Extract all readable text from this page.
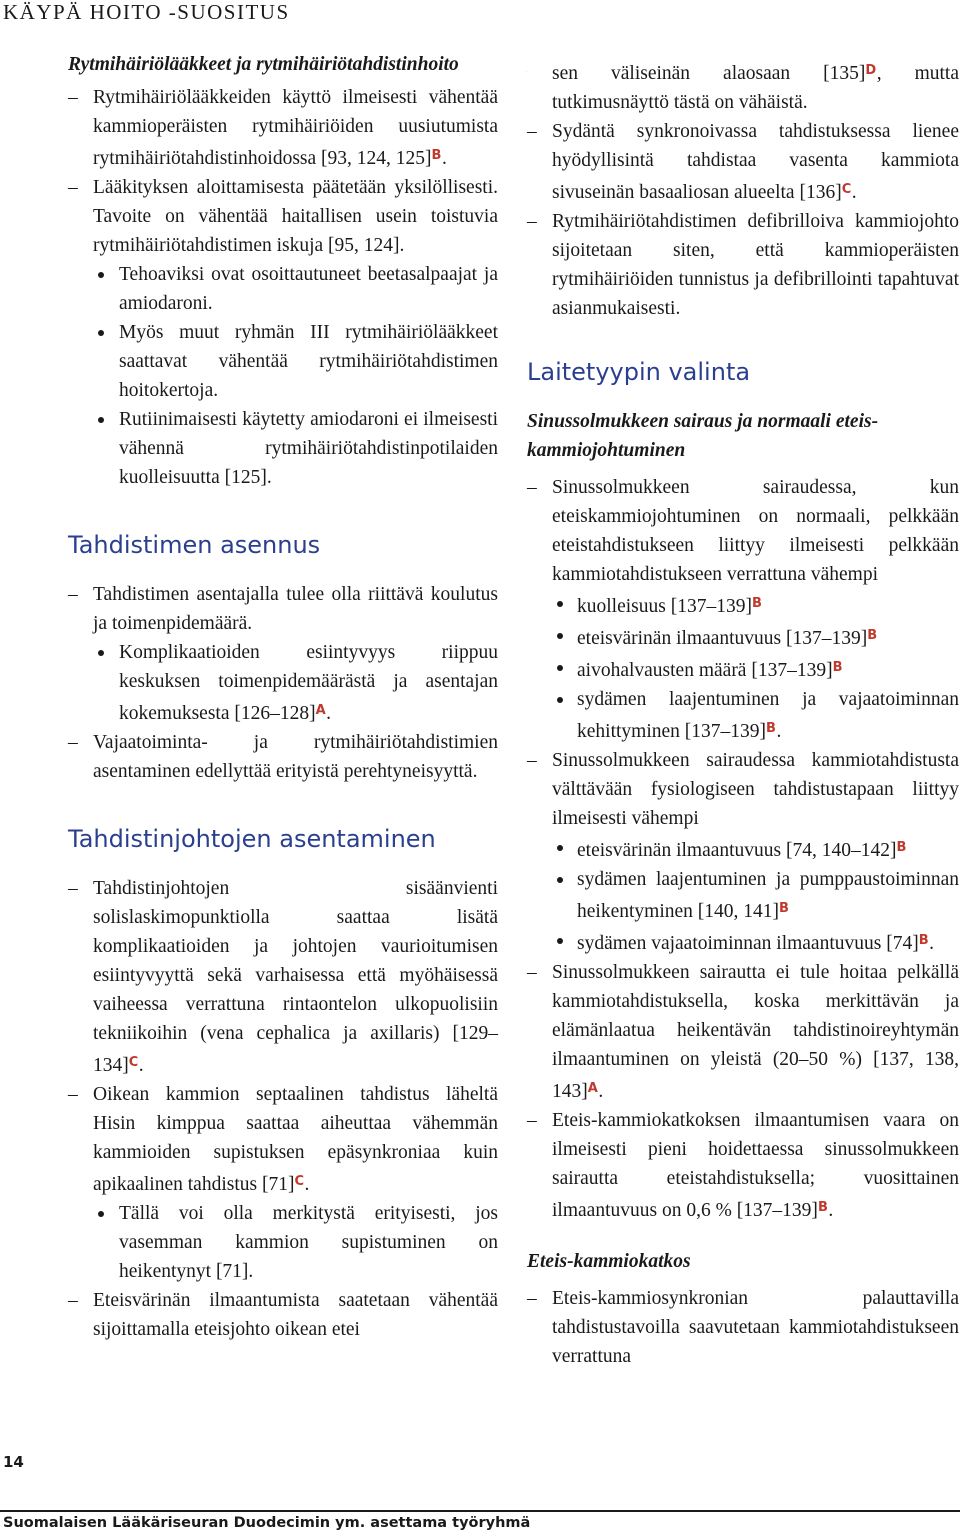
KÄYPÄ HOITO -SUOSITUS

Rytmihäiriölääkkeet ja rytmihäiriötahdistinhoito

– Rytmihäiriölääkkeiden käyttö ilmeisesti vähentää kammioperäisten rytmihäiriöiden uusiutumista rytmihäiriötahdistinhoidossa [93, 124, 125]$^B$.
– Lääkityksen aloittamisesta päätetään yksilöllisesti. Tavoite on vähentää haitallisen usein toistuvia rytmihäiriötahdistimen iskuja [95, 124].
Tehoaviksi ovat osoittautuneet beetasalpaajat ja amiodaroni.
Myös muut ryhmän III rytmihäiriölääkkeet saattavat vähentää rytmihäiriötahdistimen hoitokertoja.
Rutiinimaisesti käytetty amiodaroni ei ilmeisesti vähennä rytmihäiriötahdistinpotilaiden kuolleisuutta [125].
Tahdistimen asennus
– Tahdistimen asentajalla tulee olla riittävä koulutus ja toimenpidemäärä.
Komplikaatioiden esiintyvyys riippuu keskuksen toimenpidemäärästä ja asentajan kokemuksesta [126–128]$^A$.
– Vajaatoiminta- ja rytmihäiriötahdistimien asentaminen edellyttää erityistä perehtyneisyyttä.
Tahdistinjohtojen asentaminen
– Tahdistinjohtojen sisäänvienti solislaskimopunktiolla saattaa lisätä komplikaatioiden ja johtojen vaurioitumisen esiintyvyyttä sekä varhaisessa että myöhäisessä vaiheessa verrattuna rintaontelon ulkopuolisiin tekniikoihin (vena cephalica ja axillaris) [129–134]$^C$.
– Oikean kammion septaalinen tahdistus läheltä Hisin kimppua saattaa aiheuttaa vähemmän kammioiden supistuksen epäsynkroniaa kuin apikaalinen tahdistus [71]$^C$.
Tällä voi olla merkitystä erityisesti, jos vasemman kammion supistuminen on heikentynyt [71].
– Eteisvärinän ilmaantumista saatetaan vähentää sijoittamalla eteisjohto oikean etei
– sen väliseinän alaosaan [135]$^D$, mutta tutkimusnäyttö tästä on vähäistä.
– Sydäntä synkronoivassa tahdistuksessa lienee hyödyllisintä tahdistaa vasenta kammiota sivuseinän basaaliosan alueelta [136]$^C$.
– Rytmihäiriötahdistimen defibrilloiva kammiojohto sijoitetaan siten, että kammioperäisten rytmihäiriöiden tunnistus ja defibrillointi tapahtuvat asianmukaisesti.
Laitetyypin valinta

Sinussolmukkeen sairaus ja normaali eteiskammiojohtuminen

– Sinussolmukkeen sairaudessa, kun eteiskammiojohtuminen on normaali, pelkkään eteistahdistukseen liittyy ilmeisesti pelkkään kammiotahdistukseen verrattuna vähempi
kuolleisuus [137–139]$^B$
eteisvärinän ilmaantuvuus [137–139]$^B$
aivohalvausten määrä [137–139]$^B$
sydämen laajentuminen ja vajaatoiminnan kehittyminen [137–139]$^B$.
– Sinussolmukkeen sairaudessa kammiotahdistusta välttävään fysiologiseen tahdistustapaan liittyy ilmeisesti vähempi
eteisvärinän ilmaantuvuus [74, 140–142]$^B$
sydämen laajentuminen ja pumppaustoiminnan heikentyminen [140, 141]$^B$
sydämen vajaatoiminnan ilmaantuvuus [74]$^B$.
– Sinussolmukkeen sairautta ei tule hoitaa pelkällä kammiotahdistuksella, koska merkittävän ja elämänlaatua heikentävän tahdistinoireyhtymän ilmaantuminen on yleistä (20–50 %) [137, 138, 143]$^A$.
– Eteis-kammiokatkoksen ilmaantumisen vaara on ilmeisesti pieni hoidettaessa sinussolmukkeen sairautta eteistahdistuksella; vuosittainen ilmaantuvuus on 0,6 % [137–139]$^B$.

Eteis-kammiokatkos

– Eteis-kammiosynkronian palauttavilla tahdistustavoilla saavutetaan kammiotahdistukseen verrattuna
14
Suomalaisen Lääkäriseuran Duodecimin ym. asettama työryhmä
